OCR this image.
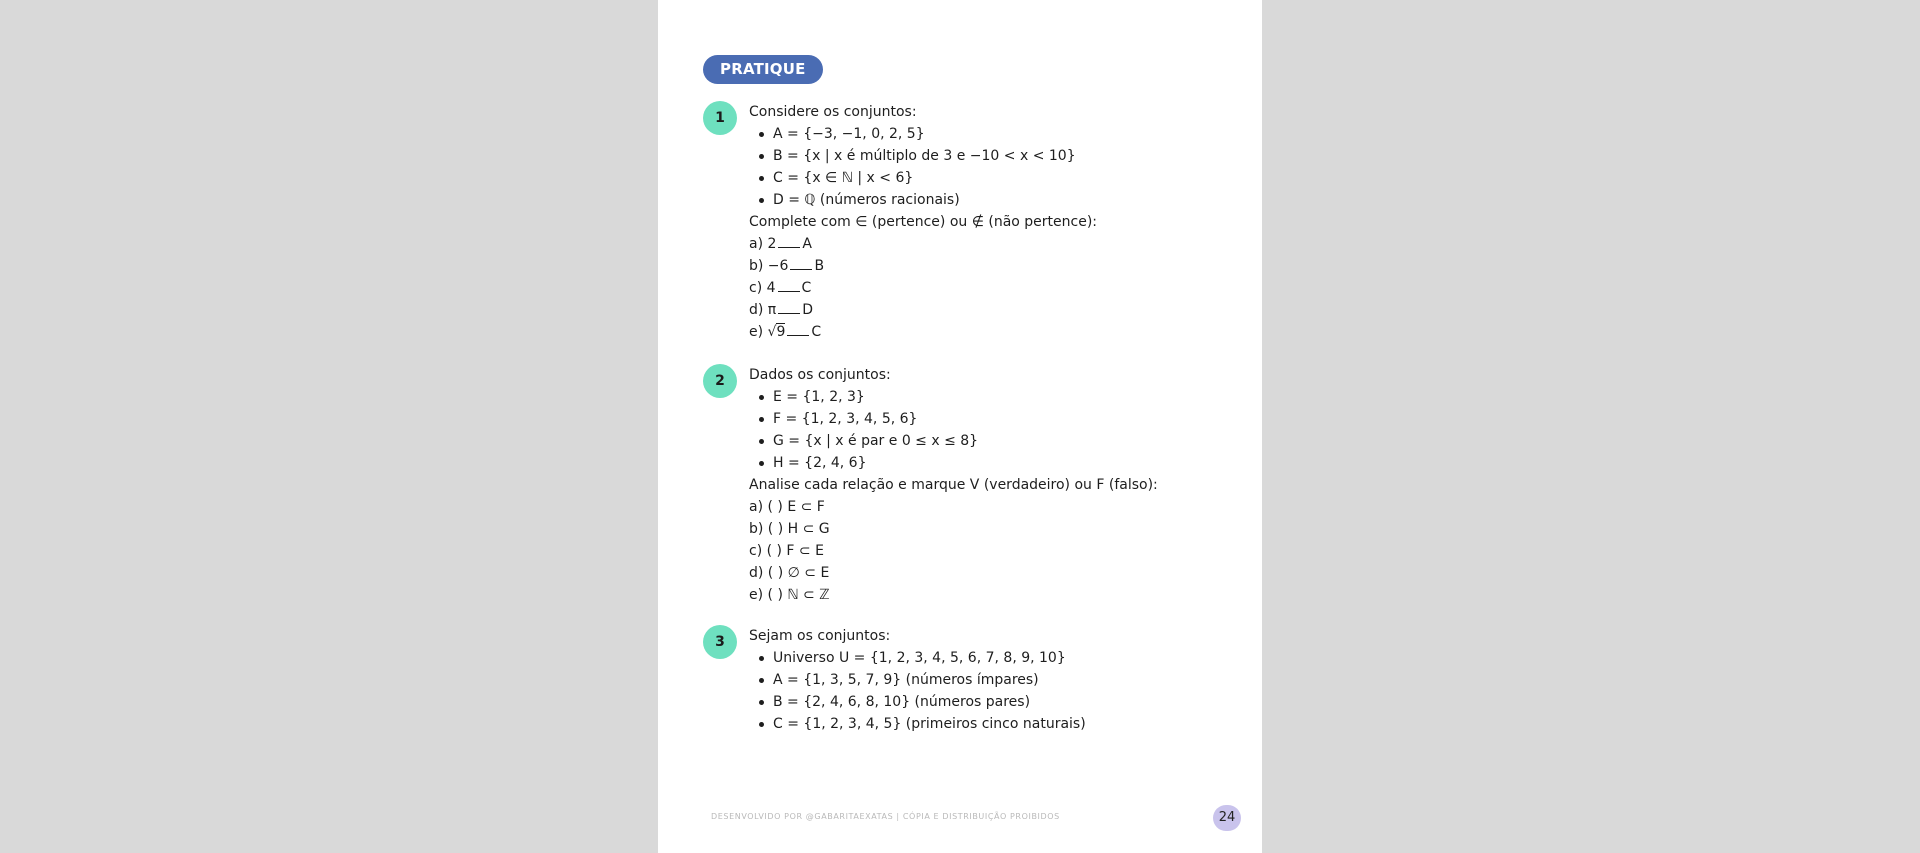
PRATIQUE
1	Considere os conjuntos:
A = {−3, −1, 0, 2, 5}
B = {x | x é múltiplo de 3 e −10 < x < 10}
C = {x ∈ ℕ | x < 6}
D = ℚ (números racionais)
Complete com ∈ (pertence) ou ∉ (não pertence):
a) 2 A
b) −6 B
c) 4 C
d) π D
e) √9 C
2	Dados os conjuntos:
E = {1, 2, 3}
F = {1, 2, 3, 4, 5, 6}
G = {x | x é par e 0 ≤ x ≤ 8}
H = {2, 4, 6}
Analise cada relação e marque V (verdadeiro) ou F (falso):
a) ( ) E ⊂ F
b) ( ) H ⊂ G
c) ( ) F ⊂ E
d) ( ) ∅ ⊂ E
e) ( ) ℕ ⊂ ℤ
3	Sejam os conjuntos:
Universo U = {1, 2, 3, 4, 5, 6, 7, 8, 9, 10}
A = {1, 3, 5, 7, 9} (números ímpares)
B = {2, 4, 6, 8, 10} (números pares)
C = {1, 2, 3, 4, 5} (primeiros cinco naturais)
DESENVOLVIDO POR @GABARITAEXATAS | CÓPIA E DISTRIBUIÇÃO PROIBIDOS	24
